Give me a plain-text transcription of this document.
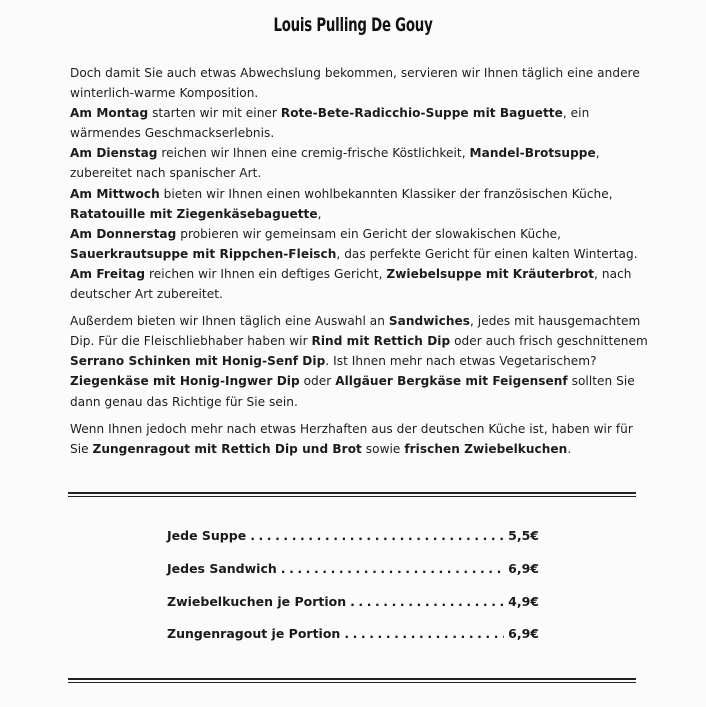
Louis Pulling De Gouy

Doch damit Sie auch etwas Abwechslung bekommen, servieren wir Ihnen täglich eine andere winterlich-warme Komposition.

Am Montag starten wir mit einer Rote-Bete-Radicchio-Suppe mit Baguette, ein wärmendes Geschmackserlebnis.

Am Dienstag reichen wir Ihnen eine cremig-frische Köstlichkeit, Mandel-Brotsuppe, zubereitet nach spanischer Art.

Am Mittwoch bieten wir Ihnen einen wohlbekannten Klassiker der französischen Küche, Ratatouille mit Ziegenkäsebaguette,

Am Donnerstag probieren wir gemeinsam ein Gericht der slowakischen Küche, Sauerkrautsuppe mit Rippchen-Fleisch, das perfekte Gericht für einen kalten Wintertag.

Am Freitag reichen wir Ihnen ein deftiges Gericht, Zwiebelsuppe mit Kräuterbrot, nach deutscher Art zubereitet.

Außerdem bieten wir Ihnen täglich eine Auswahl an Sandwiches, jedes mit hausgemachtem Dip. Für die Fleischliebhaber haben wir Rind mit Rettich Dip oder auch frisch geschnittenem Serrano Schinken mit Honig-Senf Dip. Ist Ihnen mehr nach etwas Vegetarischem? Ziegenkäse mit Honig-Ingwer Dip oder Allgäuer Bergkäse mit Feigensenf sollten Sie dann genau das Richtige für Sie sein.

Wenn Ihnen jedoch mehr nach etwas Herzhaften aus der deutschen Küche ist, haben wir für Sie Zungenragout mit Rettich Dip und Brot sowie frischen Zwiebelkuchen.

Jede Suppe . . .	5,5€
Jedes Sandwich . . .	6,9€
Zwiebelkuchen je Portion . . .	4,9€
Zungenragout je Portion . . .	6,9€
